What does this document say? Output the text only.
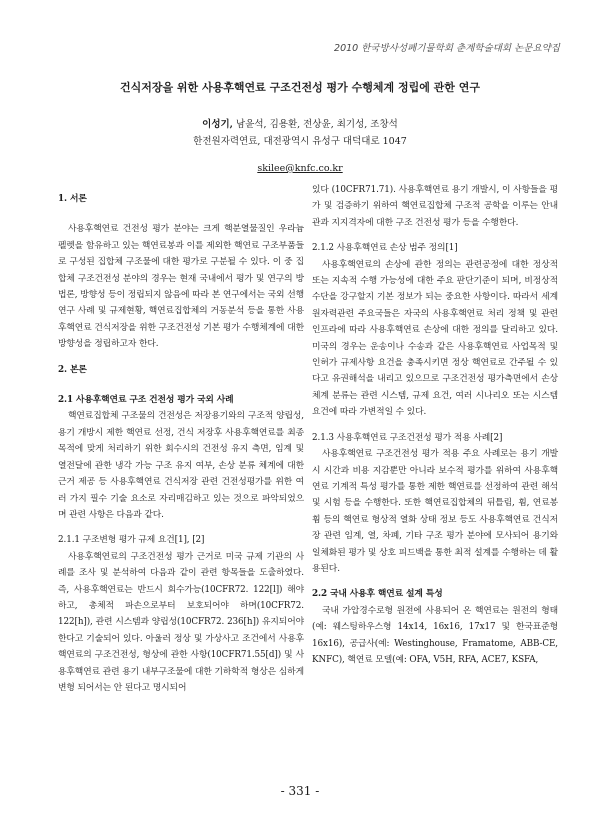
2010 한국방사성폐기물학회 춘계학술대회 논문요약집
건식저장을 위한 사용후핵연료 구조건전성 평가 수행체계 정립에 관한 연구
이성기, 남윤석, 김용환, 전상윤, 최기성, 조창석
한전원자력연료, 대전광역시 유성구 대덕대로 1047
skilee@knfc.co.kr

1. 서론

사용후핵연료 건전성 평가 분야는 크게 핵분열물질인 우라늄 펠렛을 함유하고 있는 핵연료봉과 이를 제외한 핵연료 구조부품들로 구성된 집합체 구조물에 대한 평가로 구분될 수 있다. 이 중 집합체 구조건전성 분야의 경우는 현재 국내에서 평가 및 연구의 방법론, 방향성 등이 정립되지 않음에 따라 본 연구에서는 국외 선행 연구 사례 및 규제현황, 핵연료집합체의 거동분석 등을 통한 사용후핵연료 건식저장을 위한 구조건전성 기본 평가 수행체계에 대한 방향성을 정립하고자 한다.

2. 본론

2.1 사용후핵연료 구조 건전성 평가 국외 사례

핵연료집합체 구조물의 건전성은 저장용기와의 구조적 양립성, 용기 개방시 제한 핵연료 선정, 건식 저장후 사용후핵연료를 최종 목적에 맞게 처리하기 위한 회수시의 건전성 유지 측면, 임계 및 열전달에 관한 냉각 가능 구조 유지 여부, 손상 분류 체계에 대한 근거 제공 등 사용후핵연료 건식저장 관련 건전성평가를 위한 여러 가지 필수 기술 요소로 자리매김하고 있는 것으로 파악되었으며 관련 사항은 다음과 같다.

2.1.1 구조변형 평가 규제 요건[1], [2]

사용후핵연료의 구조건전성 평가 근거로 미국 규제 기관의 사례를 조사 및 분석하여 다음과 같이 관련 항목들을 도출하였다. 즉, 사용후핵연료는 반드시 회수가능(10CFR72. 122[l]) 해야 하고, 총체적 파손으로부터 보호되어야 하며(10CFR72. 122[h]), 관련 시스템과 양립성(10CFR72. 236[h]) 유지되어야 한다고 기술되어 있다. 아울러 정상 및 가상사고 조건에서 사용후핵연료의 구조건전성, 형상에 관한 사항(10CFR71.55[d]) 및 사용후핵연료 관련 용기 내부구조물에 대한 기하학적 형상은 심하게 변형 되어서는 안 된다고 명시되어

있다 (10CFR71.71). 사용후핵연료 용기 개발시, 이 사항들을 평가 및 검증하기 위하여 핵연료집합체 구조적 공학을 이루는 안내관과 지지격자에 대한 구조 건전성 평가 등을 수행한다.

2.1.2 사용후핵연료 손상 범주 정의[1]

사용후핵연료의 손상에 관한 정의는 관련공정에 대한 정상적 또는 지속적 수행 가능성에 대한 주요 판단기준이 되며, 비정상적 수단을 강구할지 기본 정보가 되는 중요한 사항이다. 따라서 세계 원자력관련 주요국들은 자국의 사용후핵연료 처리 정책 및 관련 인프라에 따라 사용후핵연료 손상에 대한 정의를 달리하고 있다. 미국의 경우는 운송이나 수송과 같은 사용후핵연료 사업목적 및 인허가 규제사항 요건을 충족시키면 정상 핵연료로 간주될 수 있다고 유권해석을 내리고 있으므로 구조건전성 평가측면에서 손상 체계 분류는 관련 시스템, 규제 요건, 여러 시나리오 또는 시스템 요건에 따라 가변적일 수 있다.

2.1.3 사용후핵연료 구조건전성 평가 적용 사례[2]

사용후핵연료 구조건전성 평가 적용 주요 사례로는 용기 개발시 시간과 비용 지감뿐만 아니라 보수적 평가를 위하여 사용후핵연료 기계적 특성 평가를 통한 제한 핵연료를 선정하여 관련 해석 및 시험 등을 수행한다. 또한 핵연료집합체의 뒤틀림, 휨, 연료봉 휨 등의 핵연료 형상적 열화 상태 정보 등도 사용후핵연료 건식저장 관련 임계, 열, 차폐, 기타 구조 평가 분야에 모사되어 용기와 일체화된 평가 및 상호 피드백을 통한 최적 설계를 수행하는 데 활용된다.

2.2 국내 사용후 핵연료 설계 특성

국내 가압경수로형 원전에 사용되어 온 핵연료는 원전의 형태(예: 웨스팅하우스형 14x14, 16x16, 17x17 및 한국표준형 16x16), 공급사(예: Westinghouse, Framatome, ABB-CE, KNFC), 핵연료 모델(예: OFA, V5H, RFA, ACE7, KSFA,

- 331 -
